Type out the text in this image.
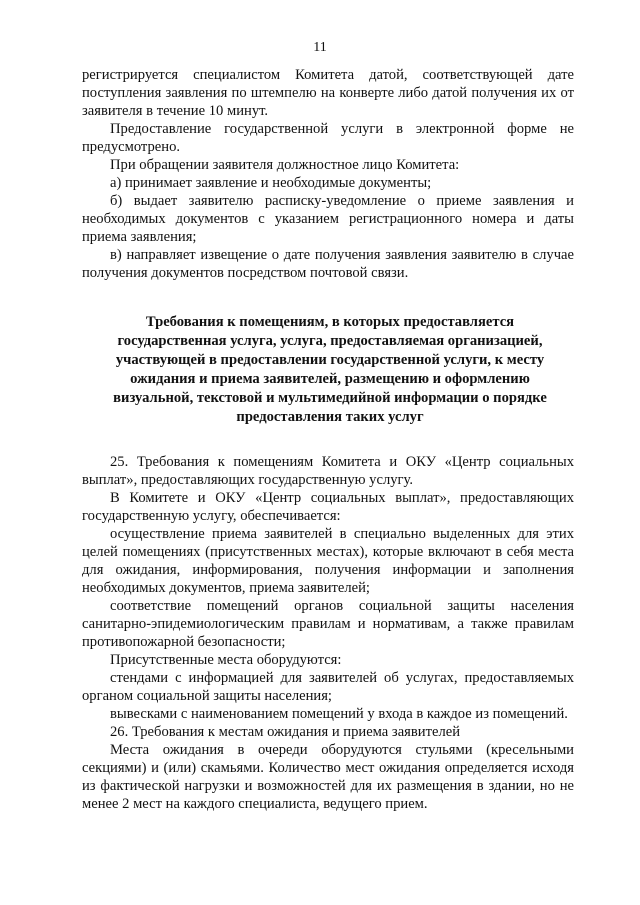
11

регистрируется специалистом Комитета датой, соответствующей дате поступления заявления по штемпелю на конверте либо датой получения их от заявителя в течение 10 минут.

Предоставление государственной услуги в электронной форме не предусмотрено.

При обращении заявителя должностное лицо Комитета:

а) принимает заявление и необходимые документы;

б) выдает заявителю расписку-уведомление о приеме заявления и необходимых документов с указанием регистрационного номера и даты приема заявления;

в) направляет извещение о дате получения заявления заявителю в случае получения документов посредством почтовой связи.

Требования к помещениям, в которых предоставляется государственная услуга, услуга, предоставляемая организацией, участвующей в предоставлении государственной услуги, к месту ожидания и приема заявителей, размещению и оформлению визуальной, текстовой и мультимедийной информации о порядке предоставления таких услуг

25. Требования к помещениям Комитета и ОКУ «Центр социальных выплат», предоставляющих государственную услугу.

В Комитете и ОКУ «Центр социальных выплат», предоставляющих государственную услугу, обеспечивается:

осуществление приема заявителей в специально выделенных для этих целей помещениях (присутственных местах), которые включают в себя места для ожидания, информирования, получения информации и заполнения необходимых документов, приема заявителей;

соответствие помещений органов социальной защиты населения санитарно-эпидемиологическим правилам и нормативам, а также правилам противопожарной безопасности;

Присутственные места оборудуются:

стендами с информацией для заявителей об услугах, предоставляемых органом социальной защиты населения;

вывесками с наименованием помещений у входа в каждое из помещений.

26. Требования к местам ожидания и приема заявителей

Места ожидания в очереди оборудуются стульями (кресельными секциями) и (или) скамьями. Количество мест ожидания определяется исходя из фактической нагрузки и возможностей для их размещения в здании, но не менее 2 мест на каждого специалиста, ведущего прием.
